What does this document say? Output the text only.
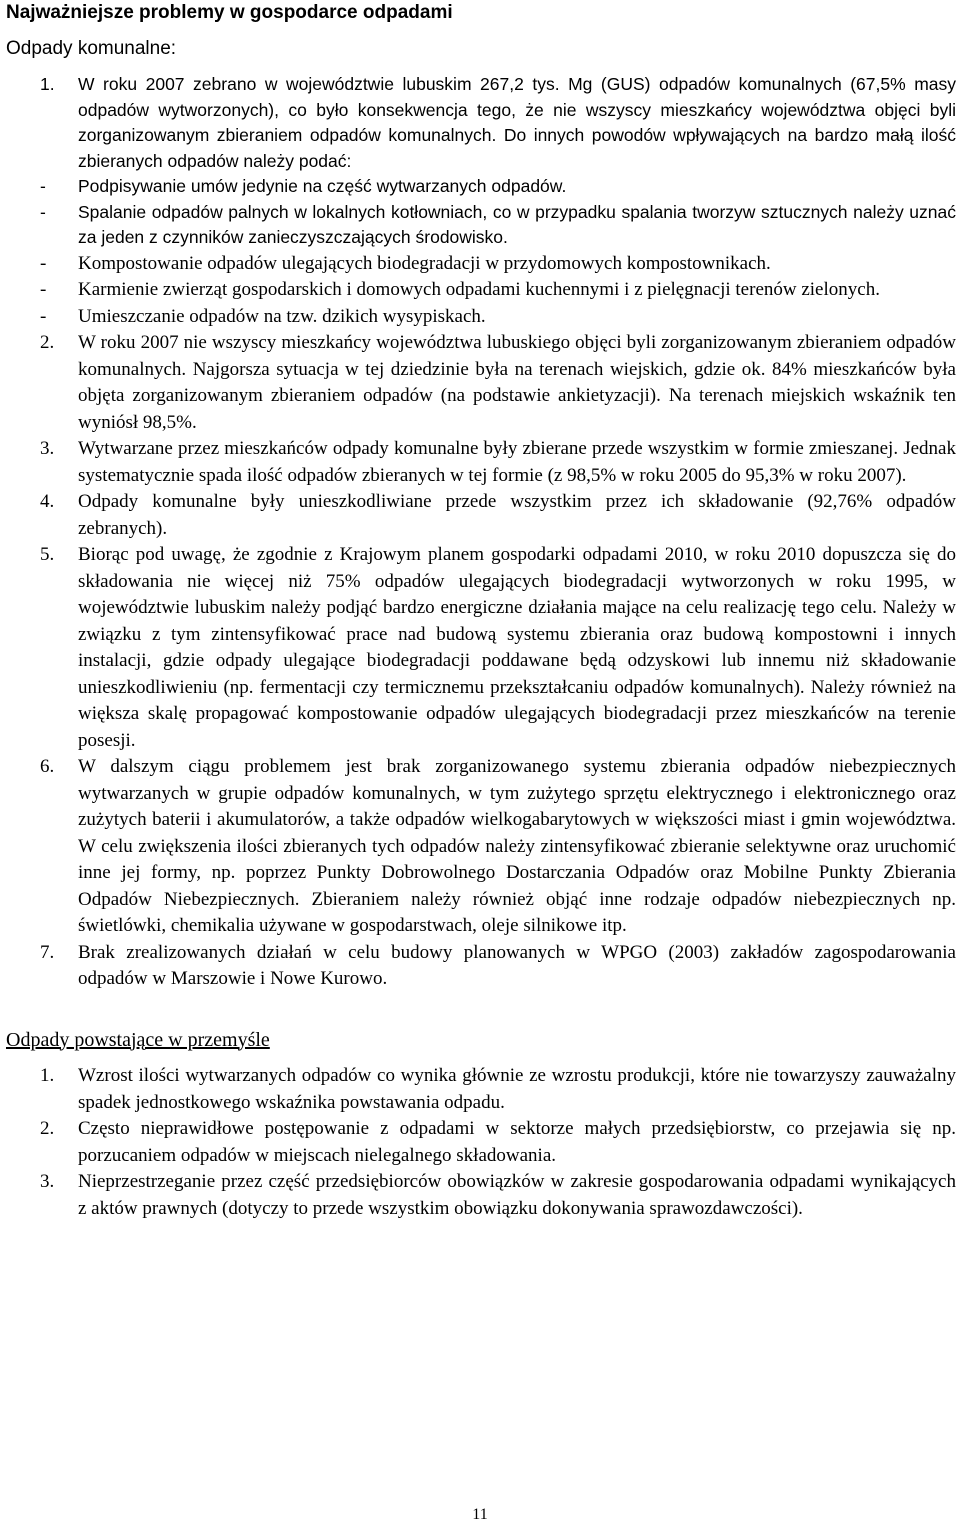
Najważniejsze problemy w gospodarce odpadami
Odpady komunalne:
1. W roku 2007 zebrano w województwie lubuskim 267,2 tys. Mg (GUS) odpadów komunalnych (67,5% masy odpadów wytworzonych), co było konsekwencja tego, że nie wszyscy mieszkańcy województwa objęci byli zorganizowanym zbieraniem odpadów komunalnych. Do innych powodów wpływających na bardzo małą ilość zbieranych odpadów należy podać:

- Podpisywanie umów jedynie na część wytwarzanych odpadów.
- Spalanie odpadów palnych w lokalnych kotłowniach, co w przypadku spalania tworzyw sztucznych należy uznać za jeden z czynników zanieczyszczających środowisko.
- Kompostowanie odpadów ulegających biodegradacji w przydomowych kompostownikach.
- Karmienie zwierząt gospodarskich i domowych odpadami kuchennymi i z pielęgnacji terenów zielonych.
- Umieszczanie odpadów na tzw. dzikich wysypiskach.
2. W roku 2007 nie wszyscy mieszkańcy województwa lubuskiego objęci byli zorganizowanym zbieraniem odpadów komunalnych. Najgorsza sytuacja w tej dziedzinie była na terenach wiejskich, gdzie ok. 84% mieszkańców była objęta zorganizowanym zbieraniem odpadów (na podstawie ankietyzacji). Na terenach miejskich wskaźnik ten wyniósł 98,5%.

3. Wytwarzane przez mieszkańców odpady komunalne były zbierane przede wszystkim w formie zmieszanej. Jednak systematycznie spada ilość odpadów zbieranych w tej formie (z 98,5% w roku 2005 do 95,3% w roku 2007).

4. Odpady komunalne były unieszkodliwiane przede wszystkim przez ich składowanie (92,76% odpadów zebranych).

5. Biorąc pod uwagę, że zgodnie z Krajowym planem gospodarki odpadami 2010, w roku 2010 dopuszcza się do składowania nie więcej niż 75% odpadów ulegających biodegradacji wytworzonych w roku 1995, w województwie lubuskim należy podjąć bardzo energiczne działania mające na celu realizację tego celu. Należy w związku z tym zintensyfikować prace nad budową systemu zbierania oraz budową kompostowni i innych instalacji, gdzie odpady ulegające biodegradacji poddawane będą odzyskowi lub innemu niż składowanie unieszkodliwieniu (np. fermentacji czy termicznemu przekształcaniu odpadów komunalnych). Należy również na większa skalę propagować kompostowanie odpadów ulegających biodegradacji przez mieszkańców na terenie posesji.

6. W dalszym ciągu problemem jest brak zorganizowanego systemu zbierania odpadów niebezpiecznych wytwarzanych w grupie odpadów komunalnych, w tym zużytego sprzętu elektrycznego i elektronicznego oraz zużytych baterii i akumulatorów, a także odpadów wielkogabarytowych w większości miast i gmin województwa. W celu zwiększenia ilości zbieranych tych odpadów należy zintensyfikować zbieranie selektywne oraz uruchomić inne jej formy, np. poprzez Punkty Dobrowolnego Dostarczania Odpadów oraz Mobilne Punkty Zbierania Odpadów Niebezpiecznych. Zbieraniem należy również objąć inne rodzaje odpadów niebezpiecznych np. świetlówki, chemikalia używane w gospodarstwach, oleje silnikowe itp.

7. Brak zrealizowanych działań w celu budowy planowanych w WPGO (2003) zakładów zagospodarowania odpadów w Marszowie i Nowe Kurowo.

Odpady powstające w przemyśle
1. Wzrost ilości wytwarzanych odpadów co wynika głównie ze wzrostu produkcji, które nie towarzyszy zauważalny spadek jednostkowego wskaźnika powstawania odpadu.

2. Często nieprawidłowe postępowanie z odpadami w sektorze małych przedsiębiorstw, co przejawia się np. porzucaniem odpadów w miejscach nielegalnego składowania.

3. Nieprzestrzeganie przez część przedsiębiorców obowiązków w zakresie gospodarowania odpadami wynikających z aktów prawnych (dotyczy to przede wszystkim obowiązku dokonywania sprawozdawczości).

11
